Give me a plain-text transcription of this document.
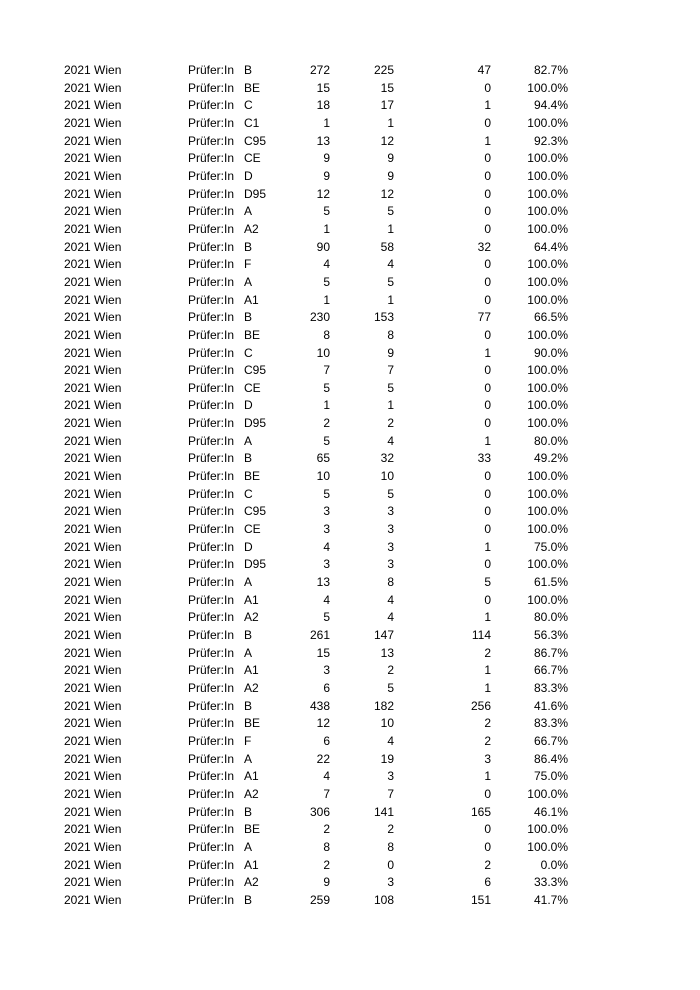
2021 Wien	Prüfer:In B	272	225	47	82.7%
2021 Wien	Prüfer:In BE	15	15	0	100.0%
2021 Wien	Prüfer:In C	18	17	1	94.4%
2021 Wien	Prüfer:In C1	1	1	0	100.0%
2021 Wien	Prüfer:In C95	13	12	1	92.3%
2021 Wien	Prüfer:In CE	9	9	0	100.0%
2021 Wien	Prüfer:In D	9	9	0	100.0%
2021 Wien	Prüfer:In D95	12	12	0	100.0%
2021 Wien	Prüfer:In A	5	5	0	100.0%
2021 Wien	Prüfer:In A2	1	1	0	100.0%
2021 Wien	Prüfer:In B	90	58	32	64.4%
2021 Wien	Prüfer:In F	4	4	0	100.0%
2021 Wien	Prüfer:In A	5	5	0	100.0%
2021 Wien	Prüfer:In A1	1	1	0	100.0%
2021 Wien	Prüfer:In B	230	153	77	66.5%
2021 Wien	Prüfer:In BE	8	8	0	100.0%
2021 Wien	Prüfer:In C	10	9	1	90.0%
2021 Wien	Prüfer:In C95	7	7	0	100.0%
2021 Wien	Prüfer:In CE	5	5	0	100.0%
2021 Wien	Prüfer:In D	1	1	0	100.0%
2021 Wien	Prüfer:In D95	2	2	0	100.0%
2021 Wien	Prüfer:In A	5	4	1	80.0%
2021 Wien	Prüfer:In B	65	32	33	49.2%
2021 Wien	Prüfer:In BE	10	10	0	100.0%
2021 Wien	Prüfer:In C	5	5	0	100.0%
2021 Wien	Prüfer:In C95	3	3	0	100.0%
2021 Wien	Prüfer:In CE	3	3	0	100.0%
2021 Wien	Prüfer:In D	4	3	1	75.0%
2021 Wien	Prüfer:In D95	3	3	0	100.0%
2021 Wien	Prüfer:In A	13	8	5	61.5%
2021 Wien	Prüfer:In A1	4	4	0	100.0%
2021 Wien	Prüfer:In A2	5	4	1	80.0%
2021 Wien	Prüfer:In B	261	147	114	56.3%
2021 Wien	Prüfer:In A	15	13	2	86.7%
2021 Wien	Prüfer:In A1	3	2	1	66.7%
2021 Wien	Prüfer:In A2	6	5	1	83.3%
2021 Wien	Prüfer:In B	438	182	256	41.6%
2021 Wien	Prüfer:In BE	12	10	2	83.3%
2021 Wien	Prüfer:In F	6	4	2	66.7%
2021 Wien	Prüfer:In A	22	19	3	86.4%
2021 Wien	Prüfer:In A1	4	3	1	75.0%
2021 Wien	Prüfer:In A2	7	7	0	100.0%
2021 Wien	Prüfer:In B	306	141	165	46.1%
2021 Wien	Prüfer:In BE	2	2	0	100.0%
2021 Wien	Prüfer:In A	8	8	0	100.0%
2021 Wien	Prüfer:In A1	2	0	2	0.0%
2021 Wien	Prüfer:In A2	9	3	6	33.3%
2021 Wien	Prüfer:In B	259	108	151	41.7%
